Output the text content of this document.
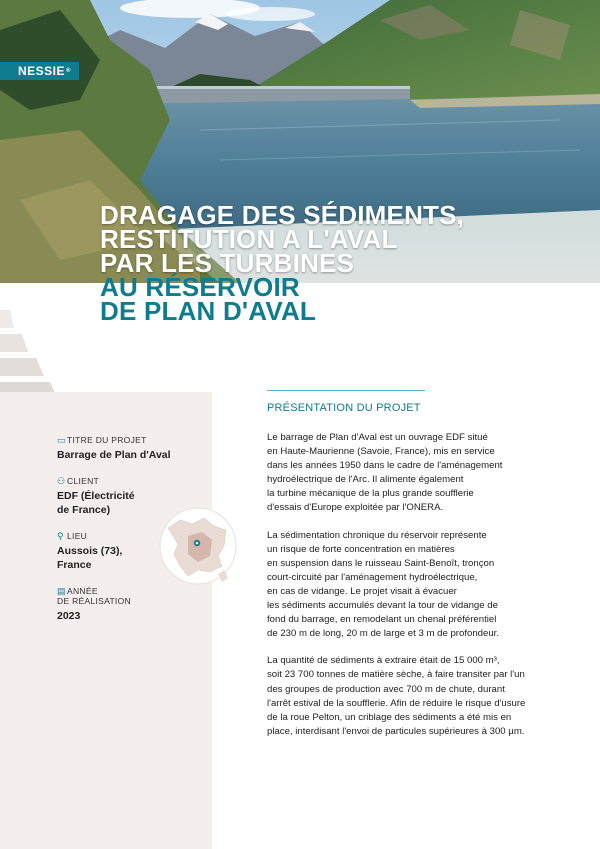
NESSIE®
DRAGAGE DES SÉDIMENTS,
RESTITUTION A L'AVAL
PAR LES TURBINES
AU RÉSERVOIR
DE PLAN D'AVAL
▭TITRE DU PROJET
Barrage de Plan d'Aval
⚇ CLIENT
EDF (Électricité
de France)
⚲ LIEU
Aussois (73),
France
▤ANNÉE
DE RÉALISATION
2023
PRÉSENTATION DU PROJET

Le barrage de Plan d'Aval est un ouvrage EDF situé
en Haute-Maurienne (Savoie, France), mis en service
dans les années 1950 dans le cadre de l'aménagement
hydroélectrique de l'Arc. Il alimente également
la turbine mécanique de la plus grande soufflerie
d'essais d'Europe exploitée par l'ONERA.

La sédimentation chronique du réservoir représente
un risque de forte concentration en matières
en suspension dans le ruisseau Saint-Benoît, tronçon
court-circuité par l'aménagement hydroélectrique,
en cas de vidange. Le projet visait à évacuer
les sédiments accumulés devant la tour de vidange de
fond du barrage, en remodelant un chenal préférentiel
de 230 m de long, 20 m de large et 3 m de profondeur.

La quantité de sédiments à extraire était de 15 000 m³,
soit 23 700 tonnes de matière sèche, à faire transiter par l'un
des groupes de production avec 700 m de chute, durant
l'arrêt estival de la soufflerie. Afin de réduire le risque d'usure
de la roue Pelton, un criblage des sédiments a été mis en
place, interdisant l'envoi de particules supérieures à 300 µm.
